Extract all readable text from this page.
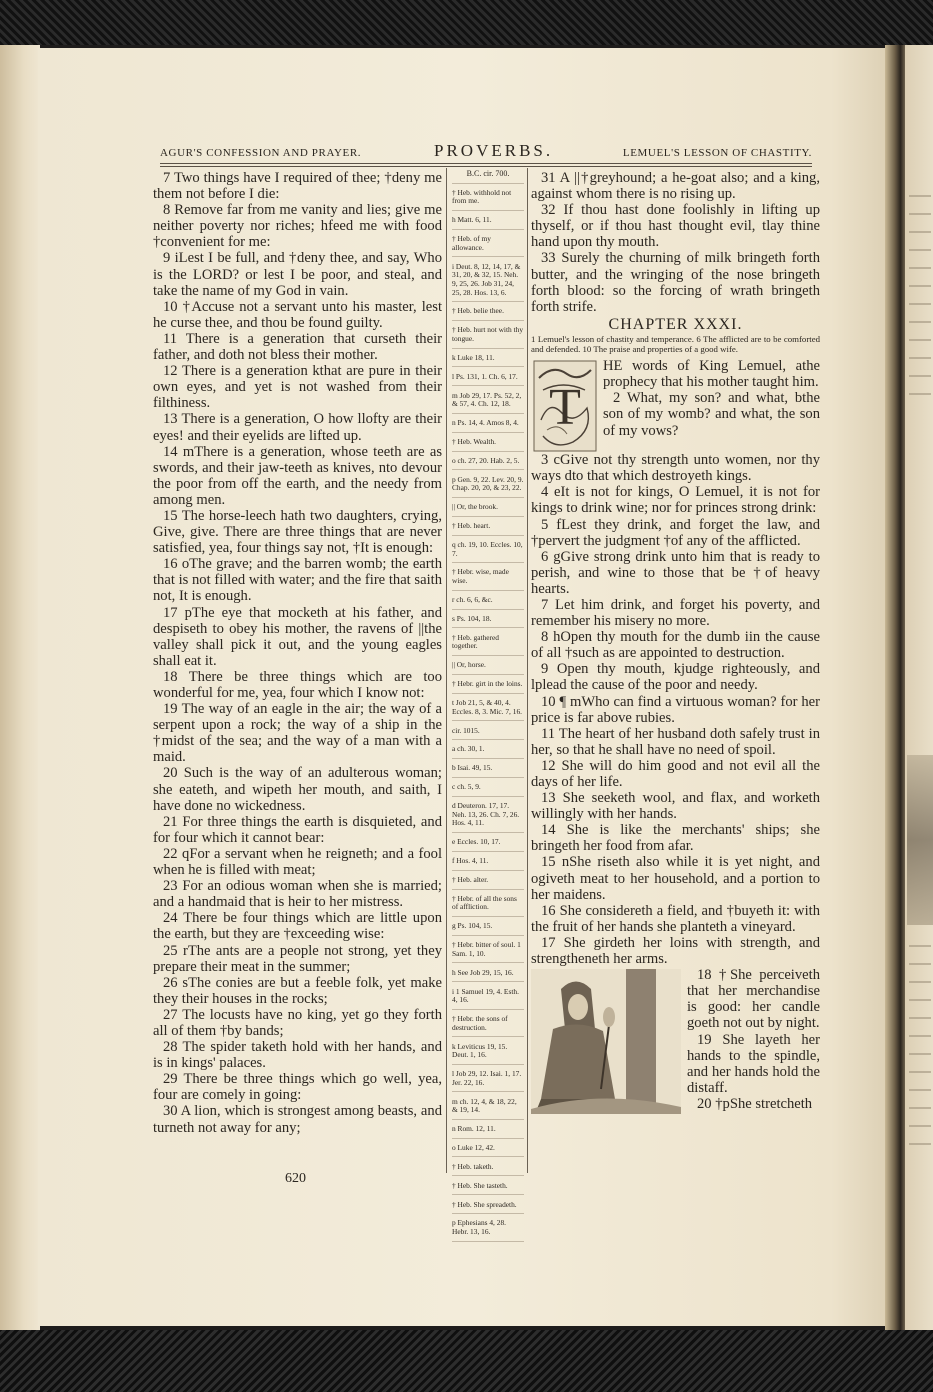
AGUR'S CONFESSION AND PRAYER.	PROVERBS.	LEMUEL'S LESSON OF CHASTITY.

7 Two things have I required of thee; †deny me them not before I die:

8 Remove far from me vanity and lies; give me neither poverty nor riches; hfeed me with food †convenient for me:

9 iLest I be full, and †deny thee, and say, Who is the LORD? or lest I be poor, and steal, and take the name of my God in vain.

10 †Accuse not a servant unto his master, lest he curse thee, and thou be found guilty.

11 There is a generation that curseth their father, and doth not bless their mother.

12 There is a generation kthat are pure in their own eyes, and yet is not washed from their filthiness.

13 There is a generation, O how llofty are their eyes! and their eyelids are lifted up.

14 mThere is a generation, whose teeth are as swords, and their jaw-teeth as knives, nto devour the poor from off the earth, and the needy from among men.

15 The horse-leech hath two daughters, crying, Give, give. There are three things that are never satisfied, yea, four things say not, †It is enough:

16 oThe grave; and the barren womb; the earth that is not filled with water; and the fire that saith not, It is enough.

17 pThe eye that mocketh at his father, and despiseth to obey his mother, the ravens of ||the valley shall pick it out, and the young eagles shall eat it.

18 There be three things which are too wonderful for me, yea, four which I know not:

19 The way of an eagle in the air; the way of a serpent upon a rock; the way of a ship in the †midst of the sea; and the way of a man with a maid.

20 Such is the way of an adulterous woman; she eateth, and wipeth her mouth, and saith, I have done no wickedness.

21 For three things the earth is disquieted, and for four which it cannot bear:

22 qFor a servant when he reigneth; and a fool when he is filled with meat;

23 For an odious woman when she is married; and a handmaid that is heir to her mistress.

24 There be four things which are little upon the earth, but they are †exceeding wise:

25 rThe ants are a people not strong, yet they prepare their meat in the summer;

26 sThe conies are but a feeble folk, yet make they their houses in the rocks;

27 The locusts have no king, yet go they forth all of them †by bands;

28 The spider taketh hold with her hands, and is in kings' palaces.

29 There be three things which go well, yea, four are comely in going:

30 A lion, which is strongest among beasts, and turneth not away for any;

B.C. cir. 700.

† Heb. withhold not from me.

h Matt. 6, 11.

† Heb. of my allowance.

i Deut. 8, 12, 14, 17, & 31, 20, & 32, 15. Neh. 9, 25, 26. Job 31, 24, 25, 28. Hos. 13, 6.

† Heb. belie thee.

† Heb. hurt not with thy tongue.

k Luke 18, 11.

l Ps. 131, 1. Ch. 6, 17.

m Job 29, 17. Ps. 52, 2, & 57, 4. Ch. 12, 18.

n Ps. 14, 4. Amos 8, 4.

† Heb. Wealth.

o ch. 27, 20. Hab. 2, 5.

p Gen. 9, 22. Lev. 20, 9. Chap. 20, 20, & 23, 22.

|| Or, the brook.

† Heb. heart.

q ch. 19, 10. Eccles. 10, 7.

† Hebr. wise, made wise.

r ch. 6, 6, &c.

s Ps. 104, 18.

† Heb. gathered together.

|| Or, horse.

† Hebr. girt in the loins.

t Job 21, 5, & 40, 4. Eccles. 8, 3. Mic. 7, 16.

cir. 1015.

a ch. 30, 1.

b Isai. 49, 15.

c ch. 5, 9.

d Deuteron. 17, 17. Neh. 13, 26. Ch. 7, 26. Hos. 4, 11.

e Eccles. 10, 17.

f Hos. 4, 11.

† Heb. alter.

† Hebr. of all the sons of affliction.

g Ps. 104, 15.

† Hebr. bitter of soul. 1 Sam. 1, 10.

h See Job 29, 15, 16.

i 1 Samuel 19, 4. Esth. 4, 16.

† Hebr. the sons of destruction.

k Leviticus 19, 15. Deut. 1, 16.

l Job 29, 12. Isai. 1, 17. Jer. 22, 16.

m ch. 12, 4, & 18, 22, & 19, 14.

n Rom. 12, 11.

o Luke 12, 42.

† Heb. taketh.

† Heb. She tasteth.

† Heb. She spreadeth.

p Ephesians 4, 28. Hebr. 13, 16.

31 A ||†greyhound; a he-goat also; and a king, against whom there is no rising up.

32 If thou hast done foolishly in lifting up thyself, or if thou hast thought evil, tlay thine hand upon thy mouth.

33 Surely the churning of milk bringeth forth butter, and the wringing of the nose bringeth forth blood: so the forcing of wrath bringeth forth strife.

CHAPTER XXXI.

1 Lemuel's lesson of chastity and temperance. 6 The afflicted are to be comforted and defended. 10 The praise and properties of a good wife.

T

HE words of King Lemuel, athe prophecy that his mother taught him.

2 What, my son? and what, bthe son of my womb? and what, the son of my vows?

3 cGive not thy strength unto women, nor thy ways dto that which destroyeth kings.

4 eIt is not for kings, O Lemuel, it is not for kings to drink wine; nor for princes strong drink:

5 fLest they drink, and forget the law, and †pervert the judgment †of any of the afflicted.

6 gGive strong drink unto him that is ready to perish, and wine to those that be †of heavy hearts.

7 Let him drink, and forget his poverty, and remember his misery no more.

8 hOpen thy mouth for the dumb iin the cause of all †such as are appointed to destruction.

9 Open thy mouth, kjudge righteously, and lplead the cause of the poor and needy.

10 ¶ mWho can find a virtuous woman? for her price is far above rubies.

11 The heart of her husband doth safely trust in her, so that he shall have no need of spoil.

12 She will do him good and not evil all the days of her life.

13 She seeketh wool, and flax, and worketh willingly with her hands.

14 She is like the merchants' ships; she bringeth her food from afar.

15 nShe riseth also while it is yet night, and ogiveth meat to her household, and a portion to her maidens.

16 She considereth a field, and †buyeth it: with the fruit of her hands she planteth a vineyard.

17 She girdeth her loins with strength, and strengtheneth her arms.

18 †She perceiveth that her merchandise is good: her candle goeth not out by night.

19 She layeth her hands to the spindle, and her hands hold the distaff.

20 †pShe stretcheth

620
